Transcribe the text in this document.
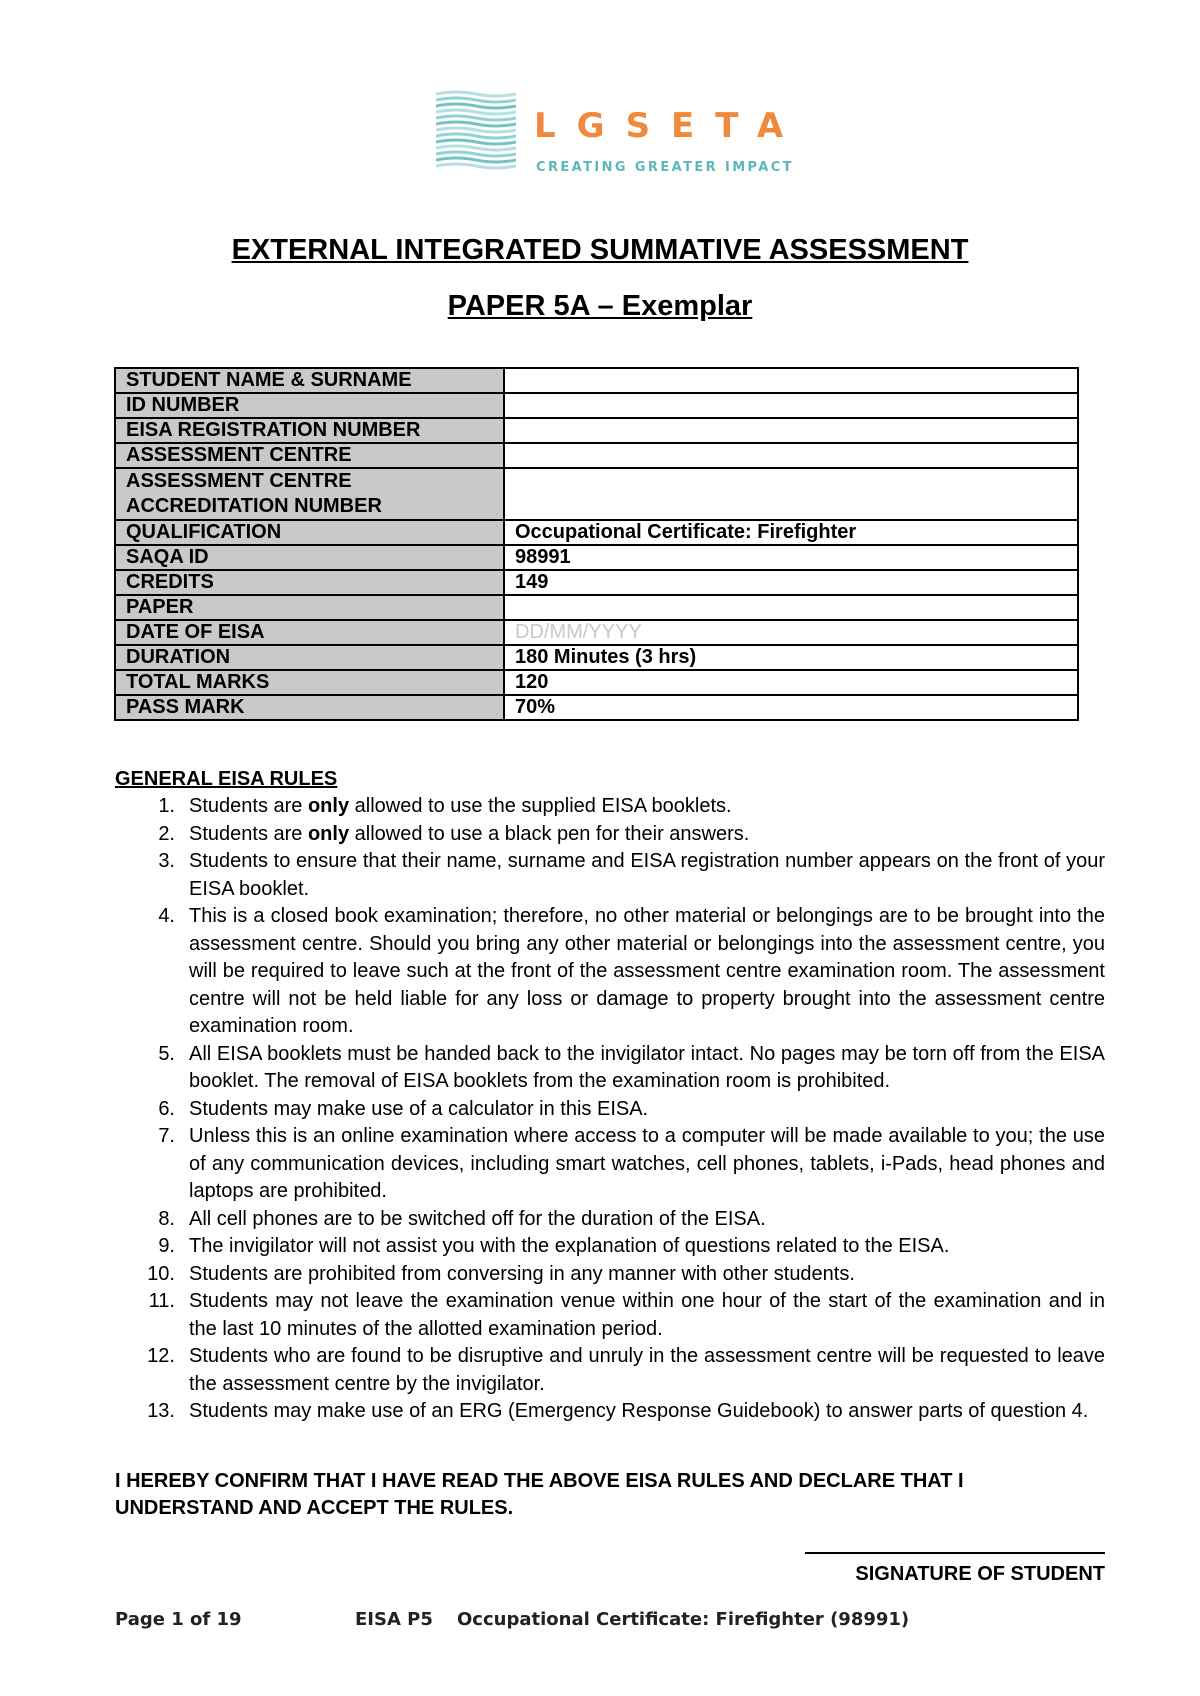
LGSETA

CREATING GREATER IMPACT

EXTERNAL INTEGRATED SUMMATIVE ASSESSMENT
PAPER 5A – Exemplar
STUDENT NAME & SURNAME	
ID NUMBER	
EISA REGISTRATION NUMBER	
ASSESSMENT CENTRE	
ASSESSMENT CENTRE ACCREDITATION NUMBER	
QUALIFICATION	Occupational Certificate: Firefighter
SAQA ID	98991
CREDITS	149
PAPER	
DATE OF EISA	DD/MM/YYYY
DURATION	180 Minutes (3 hrs)
TOTAL MARKS	120
PASS MARK	70%

GENERAL EISA RULES

1. Students are only allowed to use the supplied EISA booklets.
2. Students are only allowed to use a black pen for their answers.
3. Students to ensure that their name, surname and EISA registration number appears on the front of your EISA booklet.
4. This is a closed book examination; therefore, no other material or belongings are to be brought into the assessment centre. Should you bring any other material or belongings into the assessment centre, you will be required to leave such at the front of the assessment centre examination room. The assessment centre will not be held liable for any loss or damage to property brought into the assessment centre examination room.
5. All EISA booklets must be handed back to the invigilator intact. No pages may be torn off from the EISA booklet. The removal of EISA booklets from the examination room is prohibited.
6. Students may make use of a calculator in this EISA.
7. Unless this is an online examination where access to a computer will be made available to you; the use of any communication devices, including smart watches, cell phones, tablets, i-Pads, head phones and laptops are prohibited.
8. All cell phones are to be switched off for the duration of the EISA.
9. The invigilator will not assist you with the explanation of questions related to the EISA.
10. Students are prohibited from conversing in any manner with other students.
11. Students may not leave the examination venue within one hour of the start of the examination and in the last 10 minutes of the allotted examination period.
12. Students who are found to be disruptive and unruly in the assessment centre will be requested to leave the assessment centre by the invigilator.
13. Students may make use of an ERG (Emergency Response Guidebook) to answer parts of question 4.

I HEREBY CONFIRM THAT I HAVE READ THE ABOVE EISA RULES AND DECLARE THAT I UNDERSTAND AND ACCEPT THE RULES.

SIGNATURE OF STUDENT

Page 1 of 19	EISA P5 Occupational Certificate: Firefighter (98991)
